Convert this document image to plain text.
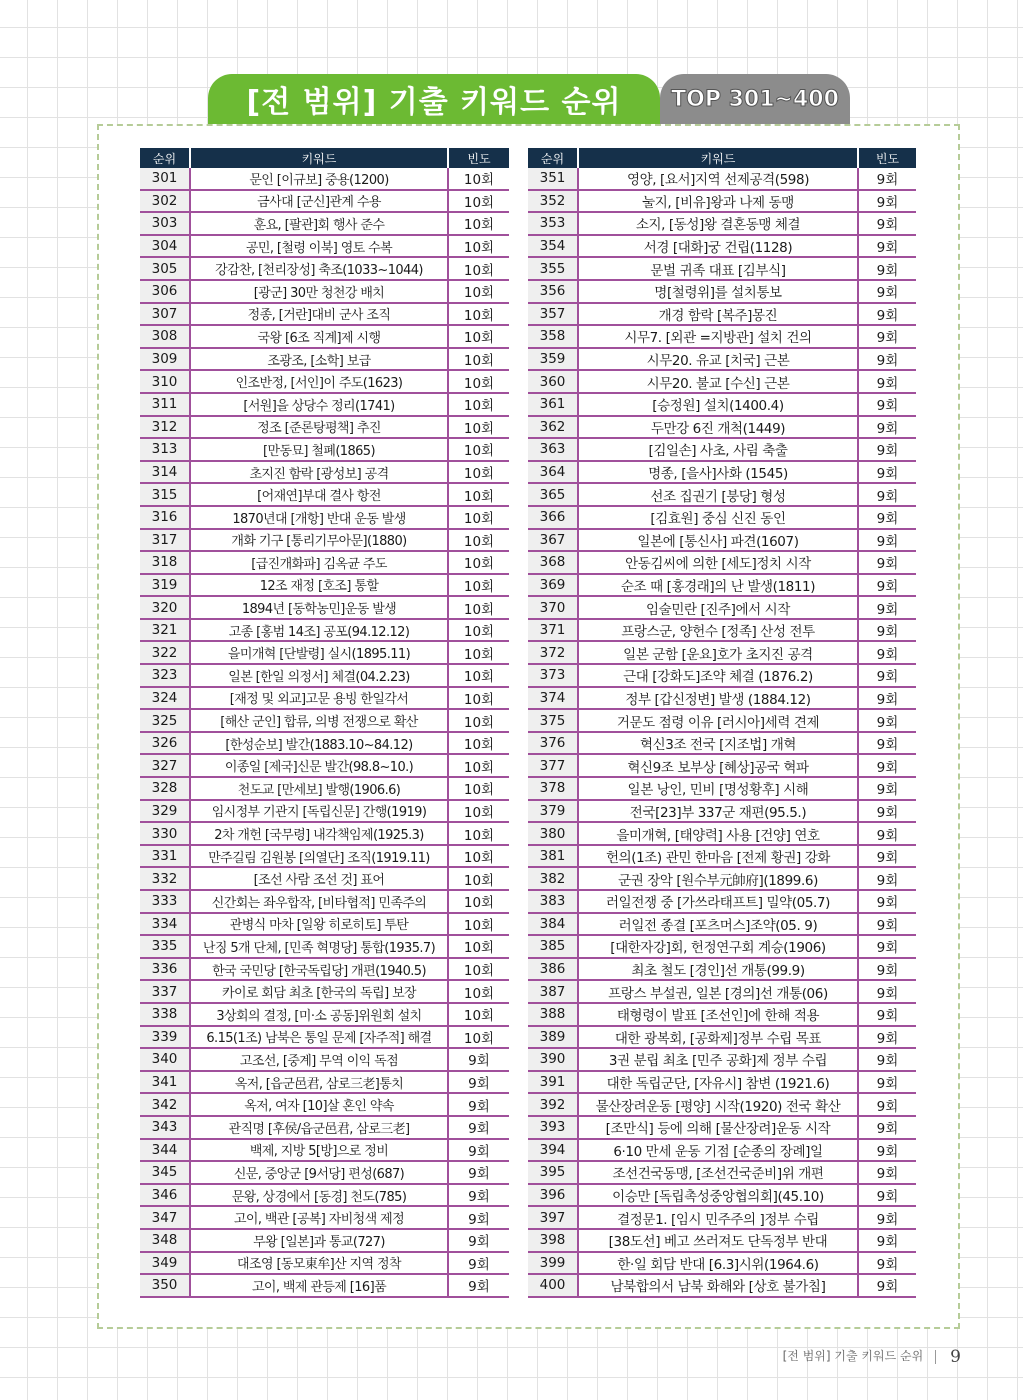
[전 범위] 기출 키워드 순위	TOP 301~400
순위	키워드	빈도
301	문인 [이규보] 중용(1200)	10회
302	금사대 [군신]관계 수용	10회
303	훈요, [팔관]회 행사 준수	10회
304	공민, [철령 이북] 영토 수복	10회
305	강감찬, [천리장성] 축조(1033~1044)	10회
306	[광군] 30만 청천강 배치	10회
307	정종, [거란]대비 군사 조직	10회
308	국왕 [6조 직계]제 시행	10회
309	조광조, [소학] 보급	10회
310	인조반정, [서인]이 주도(1623)	10회
311	[서원]을 상당수 정리(1741)	10회
312	정조 [준론탕평책] 추진	10회
313	[만동묘] 철폐(1865)	10회
314	초지진 함락 [광성보] 공격	10회
315	[어재연]부대 결사 항전	10회
316	1870년대 [개항] 반대 운동 발생	10회
317	개화 기구 [통리기무아문](1880)	10회
318	[급진개화파] 김옥균 주도	10회
319	12조 재정 [호조] 통할	10회
320	1894년 [동학농민]운동 발생	10회
321	고종 [홍범 14조] 공포(94.12.12)	10회
322	을미개혁 [단발령] 실시(1895.11)	10회
323	일본 [한일 의정서] 체결(04.2.23)	10회
324	[재정 및 외교]고문 용빙 한일각서	10회
325	[해산 군인] 합류, 의병 전쟁으로 확산	10회
326	[한성순보] 발간(1883.10~84.12)	10회
327	이종일 [제국]신문 발간(98.8~10.)	10회
328	천도교 [만세보] 발행(1906.6)	10회
329	임시정부 기관지 [독립신문] 간행(1919)	10회
330	2차 개헌 [국무령] 내각책임제(1925.3)	10회
331	만주길림 김원봉 [의열단] 조직(1919.11)	10회
332	[조선 사람 조선 것] 표어	10회
333	신간회는 좌우합작, [비타협적] 민족주의	10회
334	관병식 마차 [일왕 히로히토] 투탄	10회
335	난징 5개 단체, [민족 혁명당] 통합(1935.7)	10회
336	한국 국민당 [한국독립당] 개편(1940.5)	10회
337	카이로 회담 최초 [한국의 독립] 보장	10회
338	3상회의 결정, [미·소 공동]위원회 설치	10회
339	6.15(1조) 남북은 통일 문제 [자주적] 해결	10회
340	고조선, [중계] 무역 이익 독점	9회
341	옥저, [읍군邑君, 삼로三老]통치	9회
342	옥저, 여자 [10]살 혼인 약속	9회
343	관직명 [후侯/읍군邑君, 삼로三老]	9회
344	백제, 지방 5[방]으로 정비	9회
345	신문, 중앙군 [9서당] 편성(687)	9회
346	문왕, 상경에서 [동경] 천도(785)	9회
347	고이, 백관 [공복] 자비청색 제정	9회
348	무왕 [일본]과 통교(727)	9회
349	대조영 [동모東牟]산 지역 정착	9회
350	고이, 백제 관등제 [16]품	9회
순위	키워드	빈도
351	영양, [요서]지역 선제공격(598)	9회
352	눌지, [비유]왕과 나제 동맹	9회
353	소지, [동성]왕 결혼동맹 체결	9회
354	서경 [대화]궁 건립(1128)	9회
355	문벌 귀족 대표 [김부식]	9회
356	명[철령위]를 설치통보	9회
357	개경 함락 [복주]몽진	9회
358	시무7. [외관 =지방관] 설치 건의	9회
359	시무20. 유교 [치국] 근본	9회
360	시무20. 불교 [수신] 근본	9회
361	[승정원] 설치(1400.4)	9회
362	두만강 6진 개척(1449)	9회
363	[김일손] 사초, 사림 축출	9회
364	명종, [을사]사화 (1545)	9회
365	선조 집권기 [붕당] 형성	9회
366	[김효원] 중심 신진 동인	9회
367	일본에 [통신사] 파견(1607)	9회
368	안동김씨에 의한 [세도]정치 시작	9회
369	순조 때 [홍경래]의 난 발생(1811)	9회
370	임술민란 [진주]에서 시작	9회
371	프랑스군, 양헌수 [정족] 산성 전투	9회
372	일본 군함 [운요]호가 초지진 공격	9회
373	근대 [강화도]조약 체결 (1876.2)	9회
374	정부 [갑신정변] 발생 (1884.12)	9회
375	거문도 점령 이유 [러시아]세력 견제	9회
376	혁신3조 전국 [지조법] 개혁	9회
377	혁신9조 보부상 [혜상]공국 혁파	9회
378	일본 낭인, 민비 [명성황후] 시해	9회
379	전국[23]부 337군 재편(95.5.)	9회
380	을미개혁, [태양력] 사용 [건양] 연호	9회
381	헌의(1조) 관민 한마음 [전제 황권] 강화	9회
382	군권 장악 [원수부元帥府](1899.6)	9회
383	러일전쟁 중 [가쓰라태프트] 밀약(05.7)	9회
384	러일전 종결 [포츠머스]조약(05. 9)	9회
385	[대한자강]회, 헌정연구회 계승(1906)	9회
386	최초 철도 [경인]선 개통(99.9)	9회
387	프랑스 부설권, 일본 [경의]선 개통(06)	9회
388	태형령이 발표 [조선인]에 한해 적용	9회
389	대한 광복회, [공화제]정부 수립 목표	9회
390	3권 분립 최초 [민주 공화]제 정부 수립	9회
391	대한 독립군단, [자유시] 참변 (1921.6)	9회
392	물산장려운동 [평양] 시작(1920) 전국 확산	9회
393	[조만식] 등에 의해 [물산장려]운동 시작	9회
394	6·10 만세 운동 기점 [순종의 장례]일	9회
395	조선건국동맹, [조선건국준비]위 개편	9회
396	이승만 [독립촉성중앙협의회](45.10)	9회
397	결정문1. [임시 민주주의 ]정부 수립	9회
398	[38도선] 베고 쓰러져도 단독정부 반대	9회
399	한·일 회담 반대 [6.3]시위(1964.6)	9회
400	남북합의서 남북 화해와 [상호 불가침]	9회
[전 범위] 기출 키워드 순위 9
